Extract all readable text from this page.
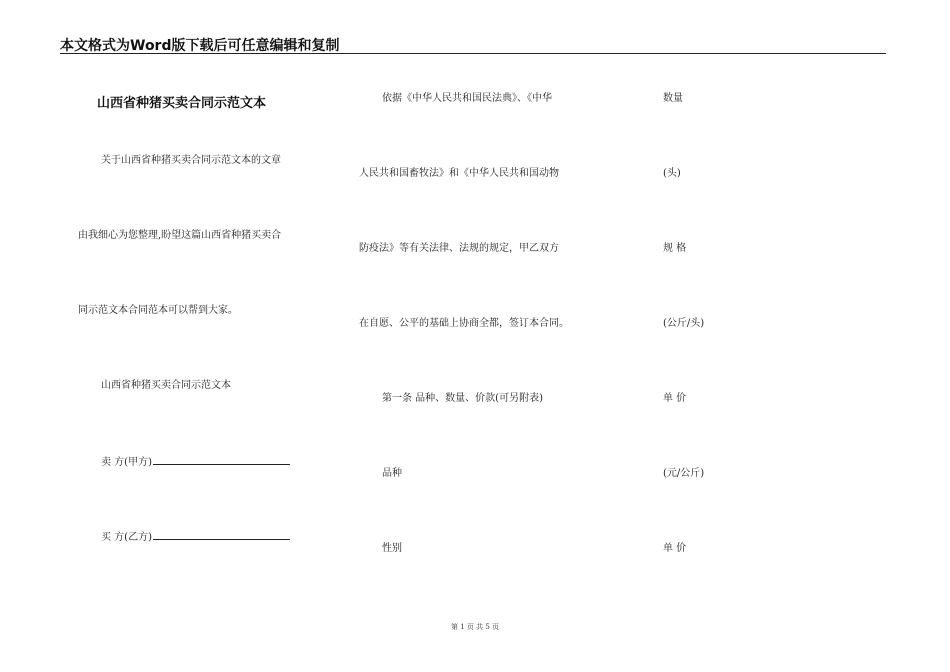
本文格式为Word版下载后可任意编辑和复制
山西省种猪买卖合同示范文本
关于山西省种猪买卖合同示范文本的文章
由我细心为您整理,盼望这篇山西省种猪买卖合
同示范文本合同范本可以帮到大家。
山西省种猪买卖合同示范文本
卖 方(甲方)
买 方(乙方)
依据《中华人民共和国民法典》、《中华
人民共和国畜牧法》和《中华人民共和国动物
防疫法》等有关法律、法规的规定，甲乙双方
在自愿、公平的基础上协商全都，签订本合同。
第一条 品种、数量、价款(可另附表)
品种
性别
数量
(头)
规 格
(公斤/头)
单 价
(元/公斤)
单 价
第 1 页 共 5 页
